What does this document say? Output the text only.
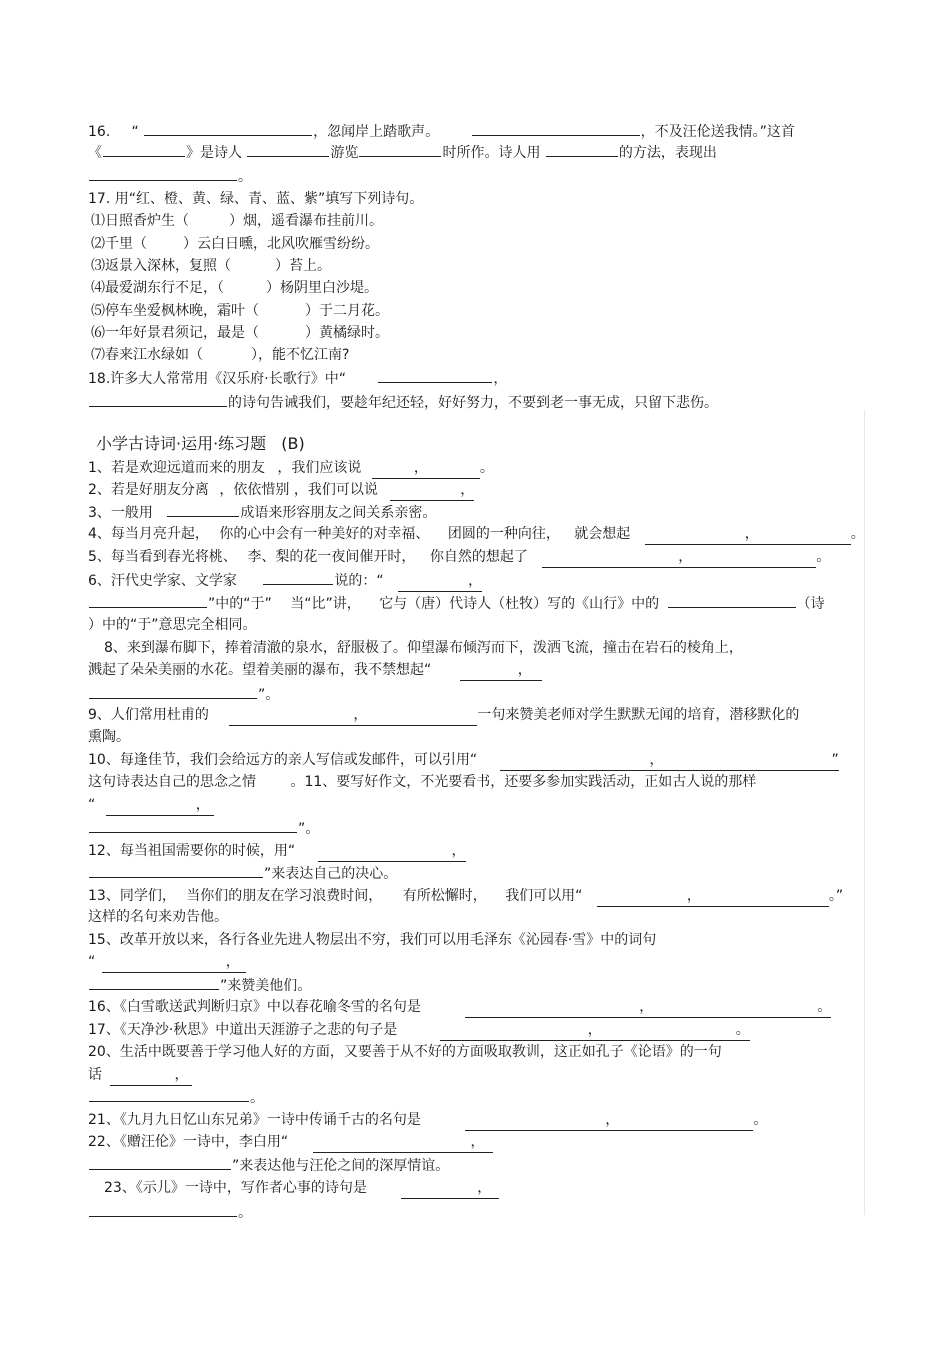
16. “	，忽闻岸上踏歌声。	，不及汪伦送我情。”这首
《	》是诗人	游览	时所作。诗人用	的方法，表现出
。
17. 用“红、橙、黄、绿、青、蓝、紫”填写下列诗句。
⑴日照香炉生（	）烟，遥看瀑布挂前川。
⑵千里（	）云白日曛，北风吹雁雪纷纷。
⑶返景入深林，复照（	）苔上。
⑷最爱湖东行不足，（	）杨阴里白沙堤。
⑸停车坐爱枫林晚，霜叶（	）于二月花。
⑹一年好景君须记，最是（	）黄橘绿时。
⑺春来江水绿如（	），能不忆江南?
18.许多大人常常用《汉乐府·长歌行》中“	，
的诗句告诫我们，要趁年纪还轻，好好努力，不要到老一事无成，只留下悲伤。
小学古诗词·运用·练习题 (B)
1、若是欢迎远道而来的朋友 ，我们应该说	，	。
2、若是好朋友分离 ，依依惜别 ，我们可以说	，
3、一般用	成语来形容朋友之间关系亲密。
4、每当月亮升起， 你的心中会有一种美好的对幸福、 团圆的一种向往， 就会想起	，	。
5、每当看到春光将桃、 李、梨的花一夜间催开时， 你自然的想起了	，	。
6、汗代史学家、文学家	说的：“	，
”中的“于” 当“比”讲， 它与（唐）代诗人（杜牧）写的《山行》中的	（诗
）中的“于”意思完全相同。
8、来到瀑布脚下，捧着清澈的泉水，舒服极了。仰望瀑布倾泻而下，泼洒飞流，撞击在岩石的棱角上，
溅起了朵朵美丽的水花。望着美丽的瀑布，我不禁想起“	，
”。
9、人们常用杜甫的	，	一句来赞美老师对学生默默无闻的培育，潜移默化的
熏陶。
10、每逢佳节，我们会给远方的亲人写信或发邮件，可以引用“	，	”
这句诗表达自己的思念之情 。11、要写好作文，不光要看书，还要多参加实践活动，正如古人说的那样
“	，
”。
12、每当祖国需要你的时候，用“	，
”来表达自己的决心。
13、同学们， 当你们的朋友在学习浪费时间， 有所松懈时， 我们可以用“	，	。”
这样的名句来劝告他。
15、改革开放以来，各行各业先进人物层出不穷，我们可以用毛泽东《沁园春·雪》中的词句
“	，
”来赞美他们。
16、《白雪歌送武判断归京》中以春花喻冬雪的名句是	，	。
17、《天净沙·秋思》中道出天涯游子之悲的句子是	，	。
20、生活中既要善于学习他人好的方面，又要善于从不好的方面吸取教训，这正如孔子《论语》的一句
话	，
。
21、《九月九日忆山东兄弟》一诗中传诵千古的名句是	，	。
22、《赠汪伦》一诗中，李白用“	，
”来表达他与汪伦之间的深厚情谊。
23、《示儿》一诗中，写作者心事的诗句是	，
。
